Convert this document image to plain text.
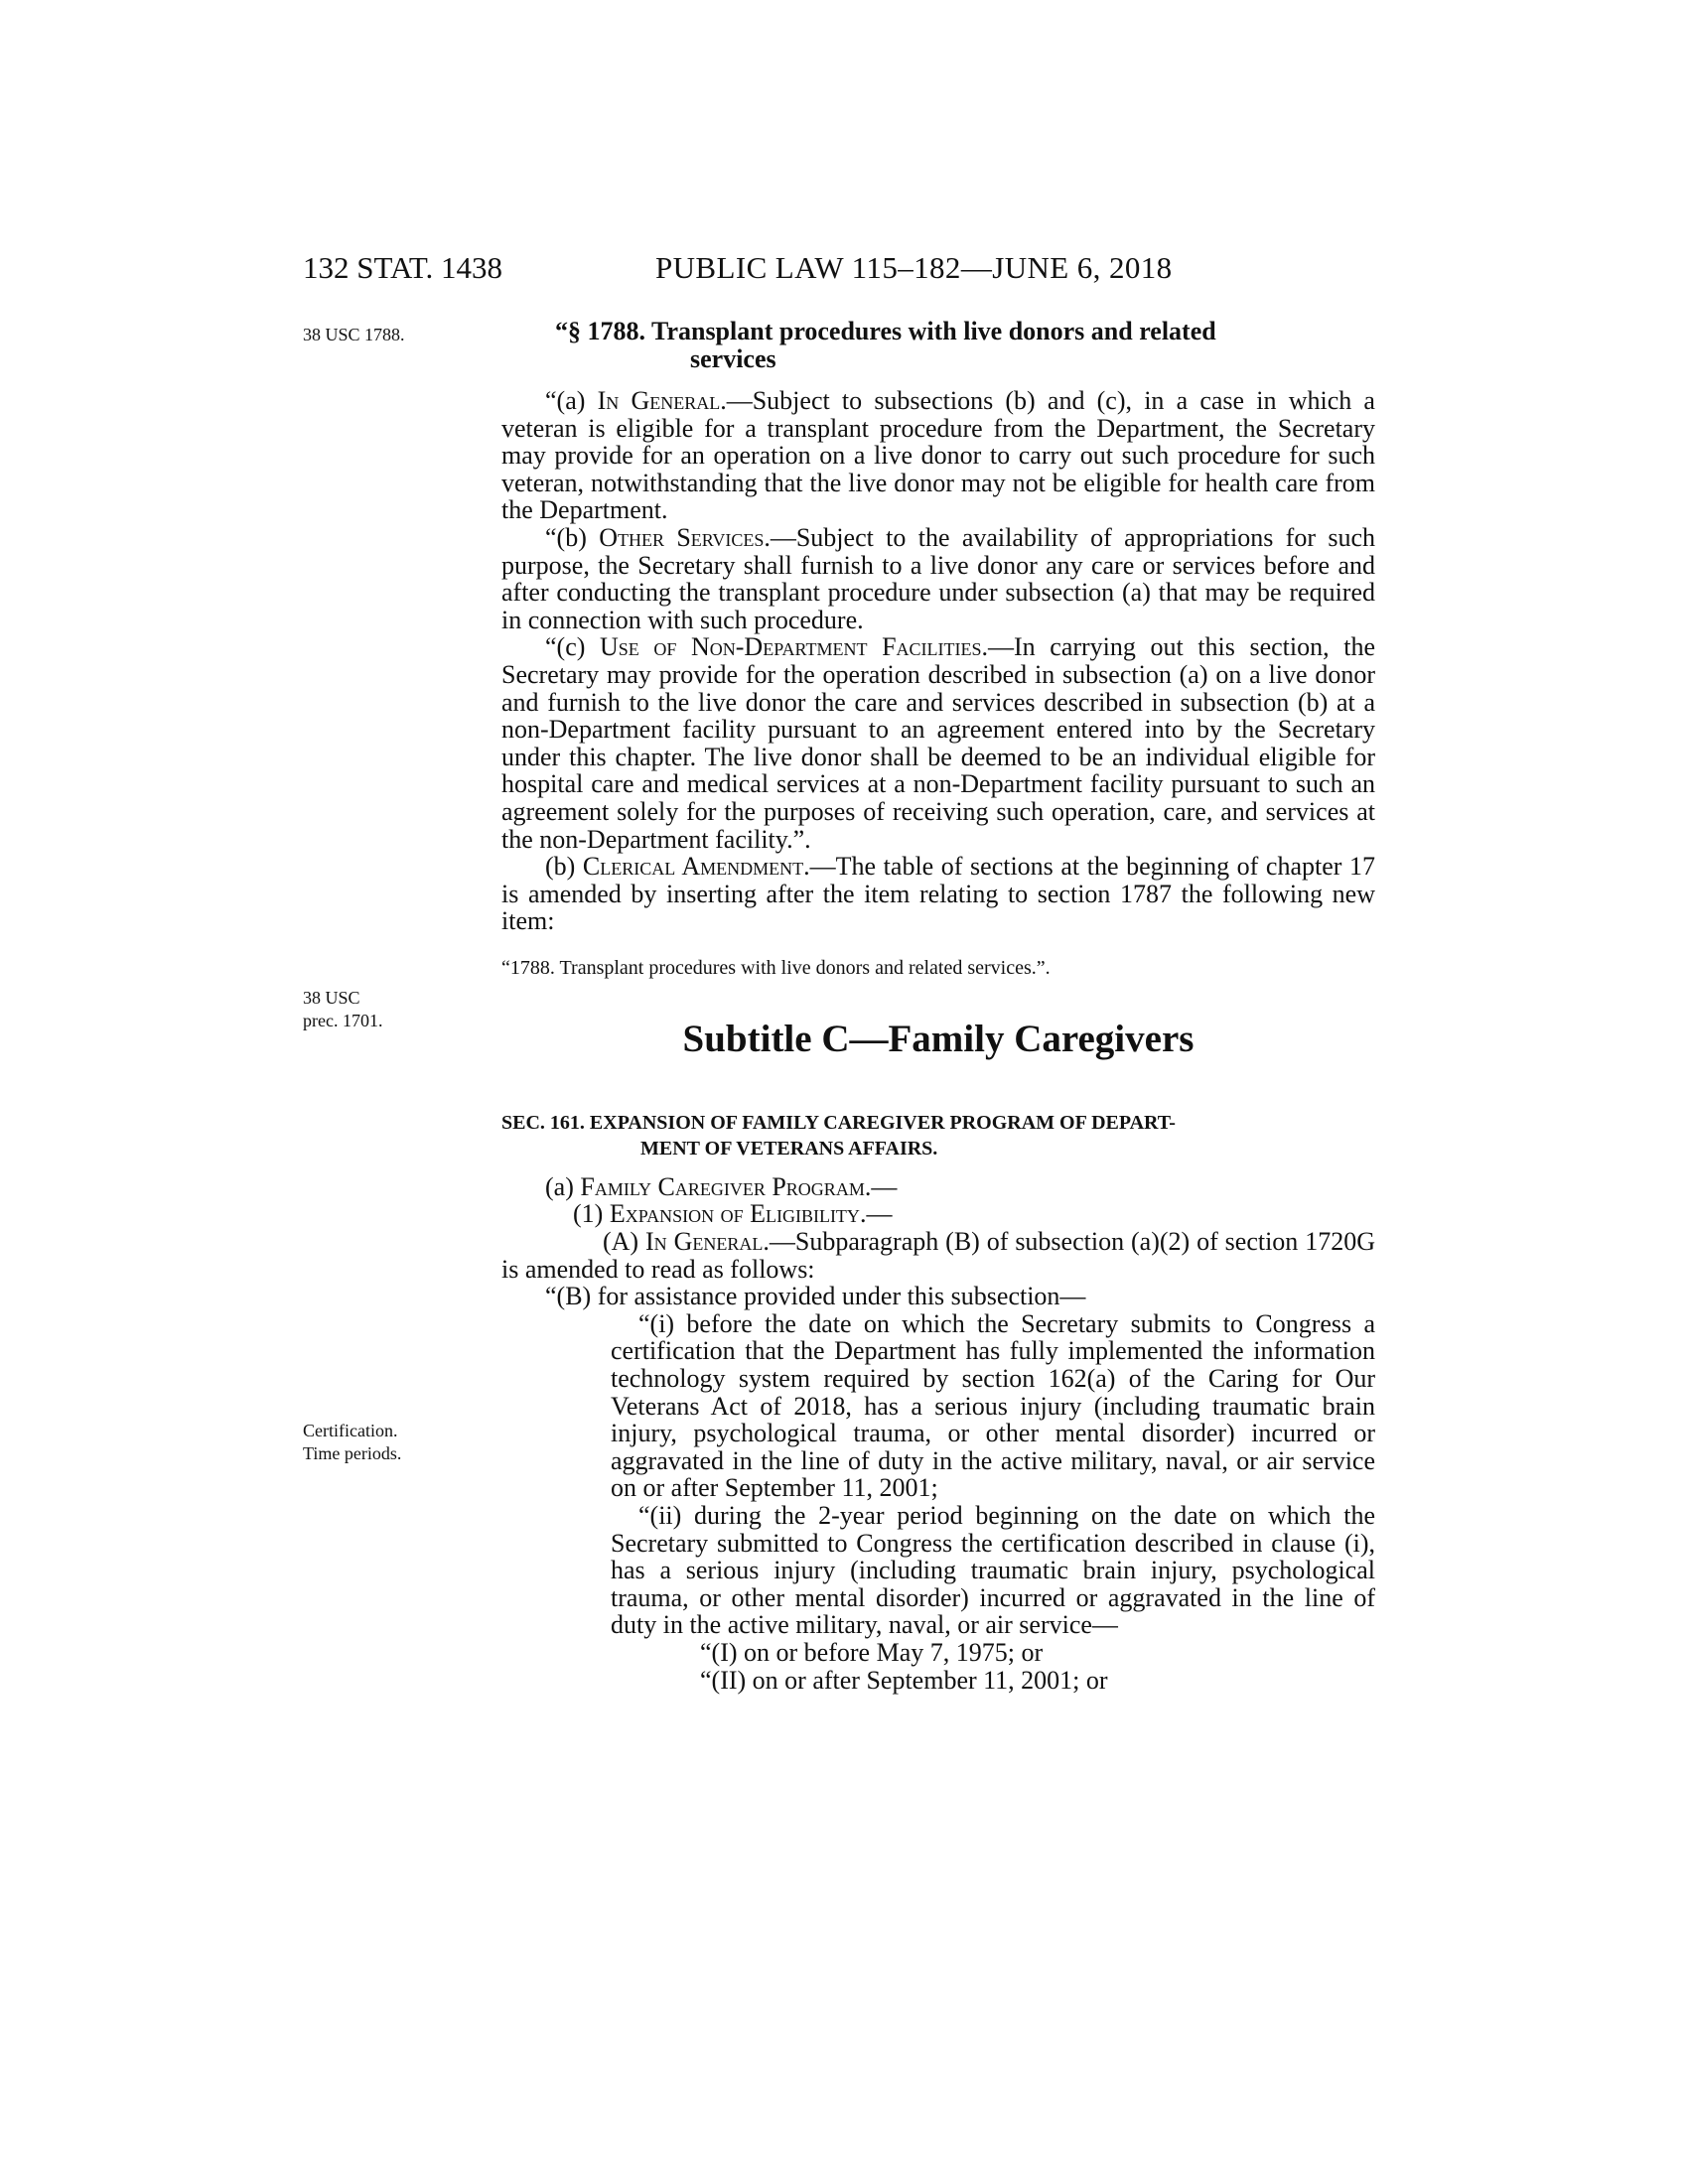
132 STAT. 1438	PUBLIC LAW 115–182—JUNE 6, 2018
38 USC 1788.
38 USC
prec. 1701.
Certification.
Time periods.
“§ 1788. Transplant procedures with live donors and related
services

“(a) In General.—Subject to subsections (b) and (c), in a case in which a veteran is eligible for a transplant procedure from the Department, the Secretary may provide for an operation on a live donor to carry out such procedure for such veteran, notwithstanding that the live donor may not be eligible for health care from the Department.

“(b) Other Services.—Subject to the availability of appropriations for such purpose, the Secretary shall furnish to a live donor any care or services before and after conducting the transplant procedure under subsection (a) that may be required in connection with such procedure.

“(c) Use of Non-Department Facilities.—In carrying out this section, the Secretary may provide for the operation described in subsection (a) on a live donor and furnish to the live donor the care and services described in subsection (b) at a non-Department facility pursuant to an agreement entered into by the Secretary under this chapter. The live donor shall be deemed to be an individual eligible for hospital care and medical services at a non-Department facility pursuant to such an agreement solely for the purposes of receiving such operation, care, and services at the non-Department facility.”.

(b) Clerical Amendment.—The table of sections at the beginning of chapter 17 is amended by inserting after the item relating to section 1787 the following new item:

“1788. Transplant procedures with live donors and related services.”.

Subtitle C—Family Caregivers
SEC. 161. EXPANSION OF FAMILY CAREGIVER PROGRAM OF DEPART-
MENT OF VETERANS AFFAIRS.

(a) Family Caregiver Program.—

(1) Expansion of Eligibility.—

(A) In General.—Subparagraph (B) of subsection (a)(2) of section 1720G is amended to read as follows:

“(B) for assistance provided under this subsection—

“(i) before the date on which the Secretary submits to Congress a certification that the Department has fully implemented the information technology system required by section 162(a) of the Caring for Our Veterans Act of 2018, has a serious injury (including traumatic brain injury, psychological trauma, or other mental disorder) incurred or aggravated in the line of duty in the active military, naval, or air service on or after September 11, 2001;

“(ii) during the 2-year period beginning on the date on which the Secretary submitted to Congress the certification described in clause (i), has a serious injury (including traumatic brain injury, psychological trauma, or other mental disorder) incurred or aggravated in the line of duty in the active military, naval, or air service—

“(I) on or before May 7, 1975; or

“(II) on or after September 11, 2001; or
